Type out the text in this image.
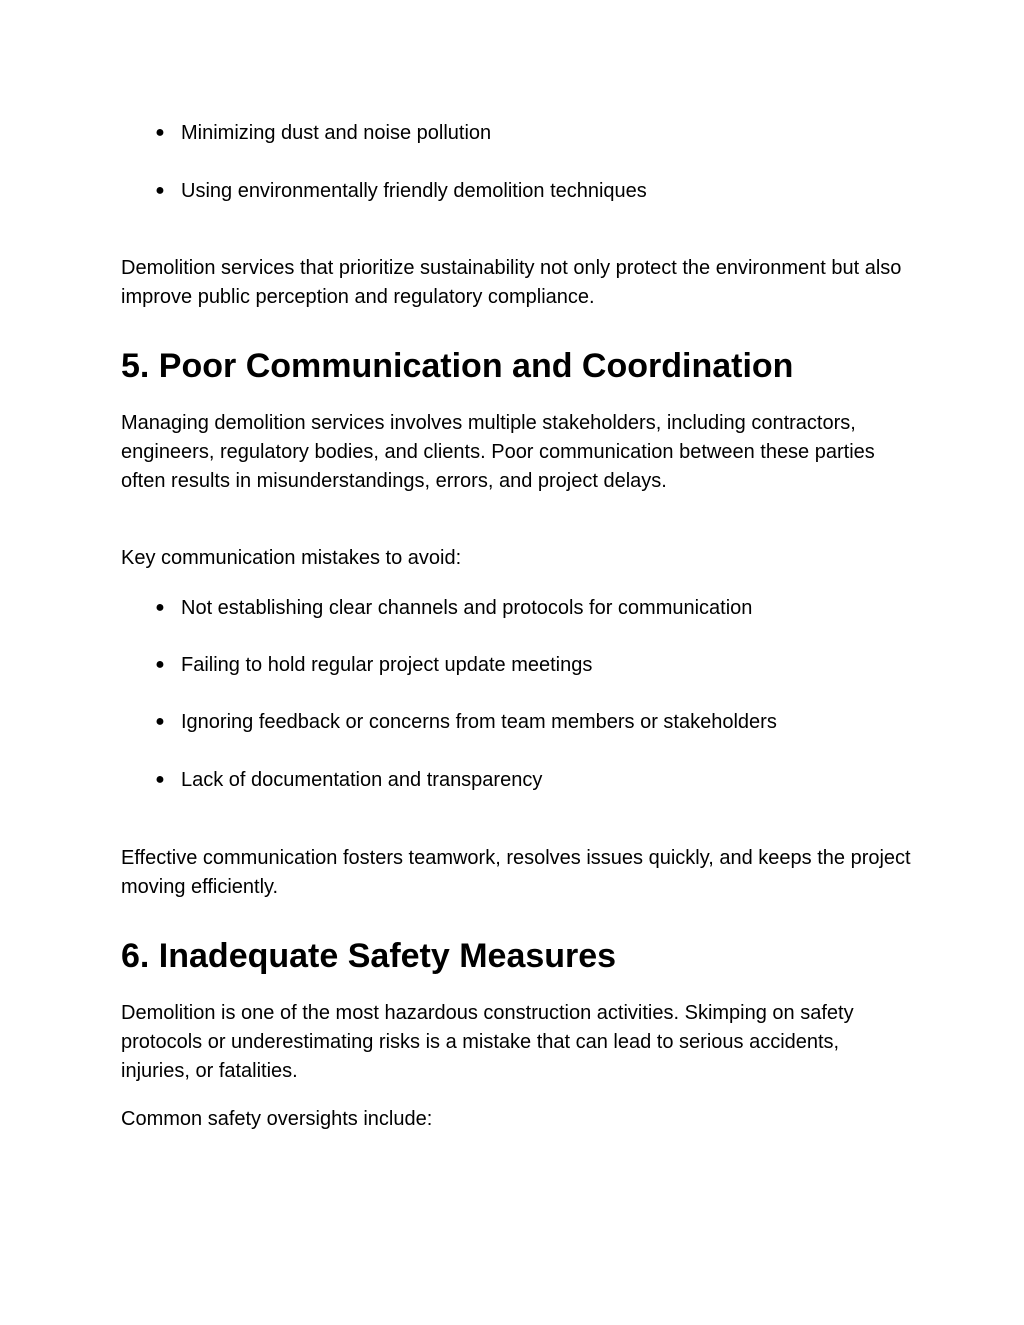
● Minimizing dust and noise pollution
● Using environmentally friendly demolition techniques

Demolition services that prioritize sustainability not only protect the environment but also improve public perception and regulatory compliance.

5. Poor Communication and Coordination

Managing demolition services involves multiple stakeholders, including contractors, engineers, regulatory bodies, and clients. Poor communication between these parties often results in misunderstandings, errors, and project delays.

Key communication mistakes to avoid:

● Not establishing clear channels and protocols for communication
● Failing to hold regular project update meetings
● Ignoring feedback or concerns from team members or stakeholders
● Lack of documentation and transparency

Effective communication fosters teamwork, resolves issues quickly, and keeps the project moving efficiently.

6. Inadequate Safety Measures

Demolition is one of the most hazardous construction activities. Skimping on safety protocols or underestimating risks is a mistake that can lead to serious accidents, injuries, or fatalities.

Common safety oversights include:
